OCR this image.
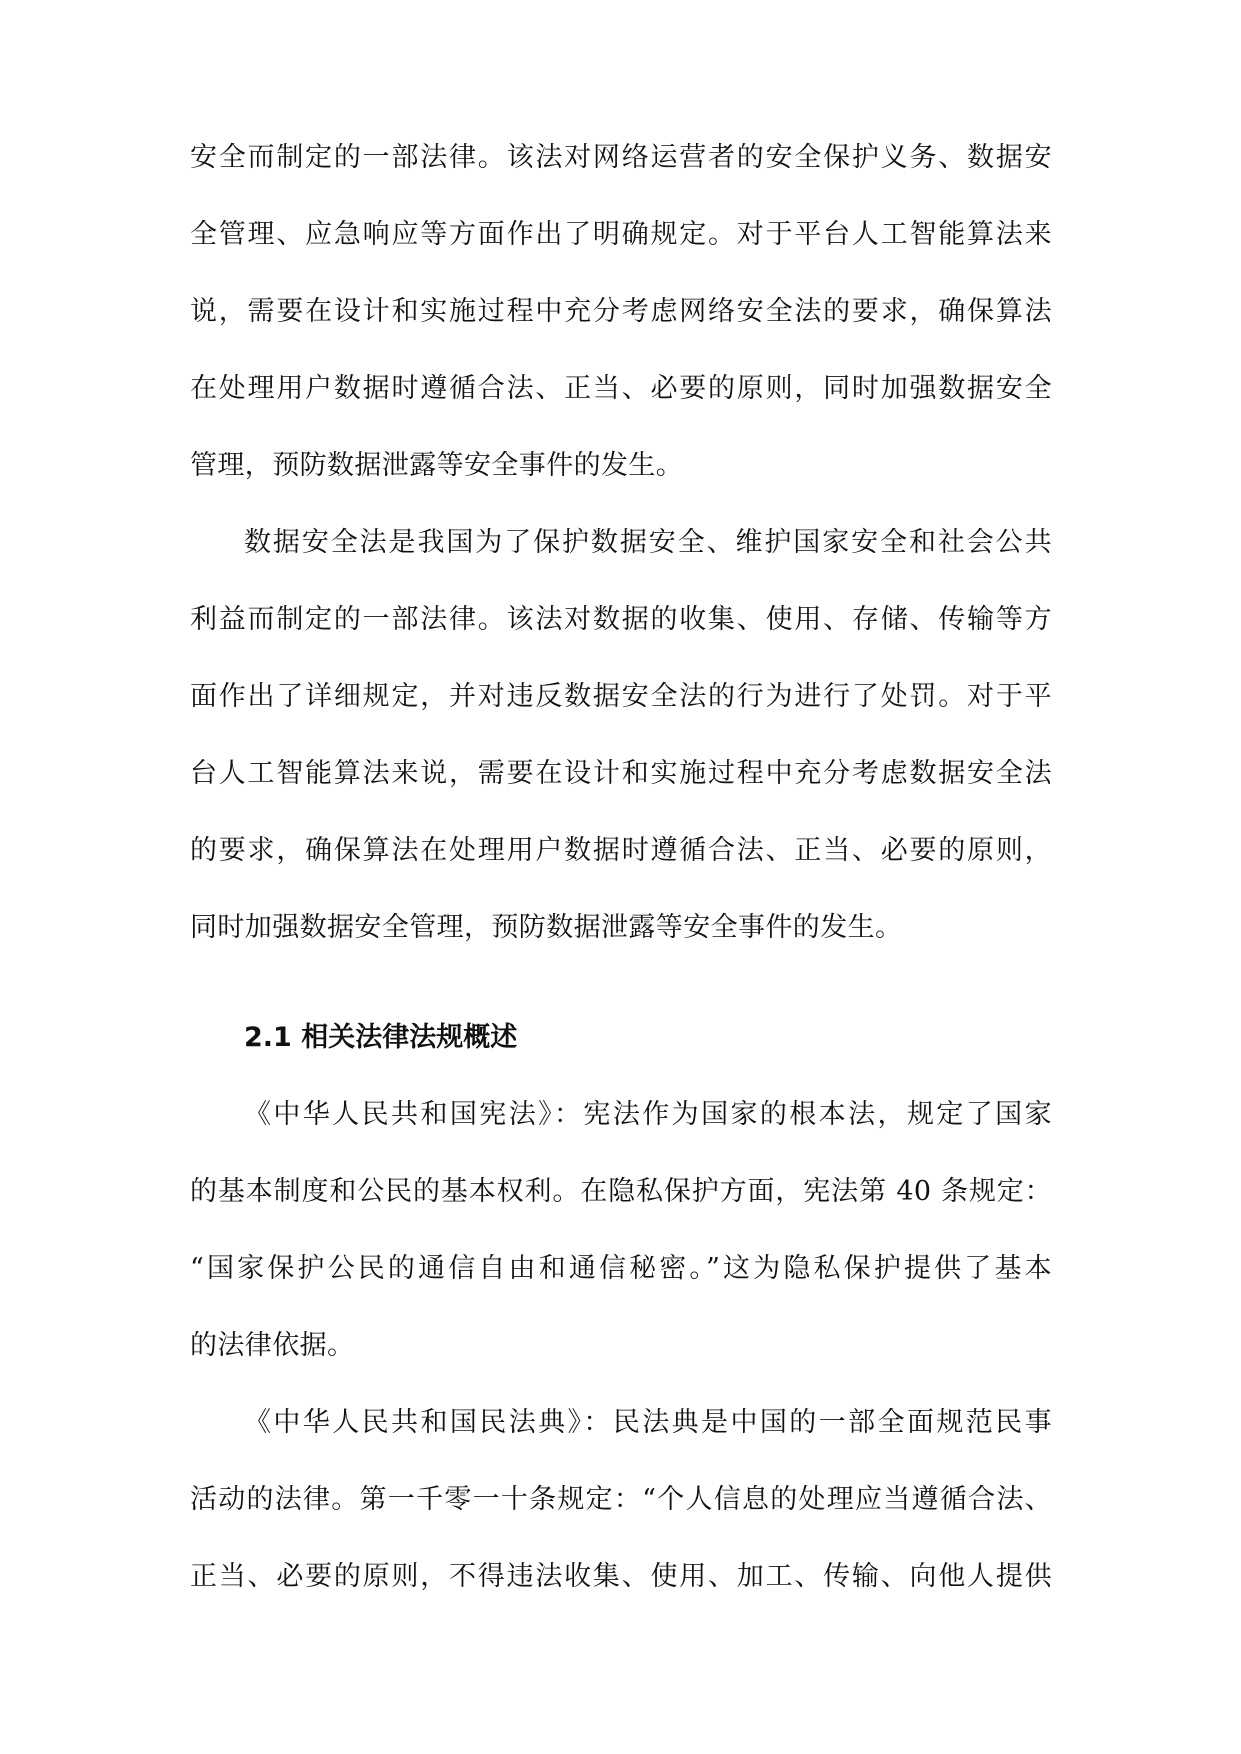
安全而制定的一部法律。该法对网络运营者的安全保护义务、数据安
全管理、应急响应等方面作出了明确规定。对于平台人工智能算法来
说，需要在设计和实施过程中充分考虑网络安全法的要求，确保算法
在处理用户数据时遵循合法、正当、必要的原则，同时加强数据安全
管理，预防数据泄露等安全事件的发生。
数据安全法是我国为了保护数据安全、维护国家安全和社会公共
利益而制定的一部法律。该法对数据的收集、使用、存储、传输等方
面作出了详细规定，并对违反数据安全法的行为进行了处罚。对于平
台人工智能算法来说，需要在设计和实施过程中充分考虑数据安全法
的要求，确保算法在处理用户数据时遵循合法、正当、必要的原则，
同时加强数据安全管理，预防数据泄露等安全事件的发生。
2.1 相关法律法规概述
《中华人民共和国宪法》：宪法作为国家的根本法，规定了国家
的基本制度和公民的基本权利。在隐私保护方面，宪法第 40 条规定：
“国家保护公民的通信自由和通信秘密。”这为隐私保护提供了基本
的法律依据。
《中华人民共和国民法典》：民法典是中国的一部全面规范民事
活动的法律。第一千零一十条规定：“个人信息的处理应当遵循合法、
正当、必要的原则，不得违法收集、使用、加工、传输、向他人提供
